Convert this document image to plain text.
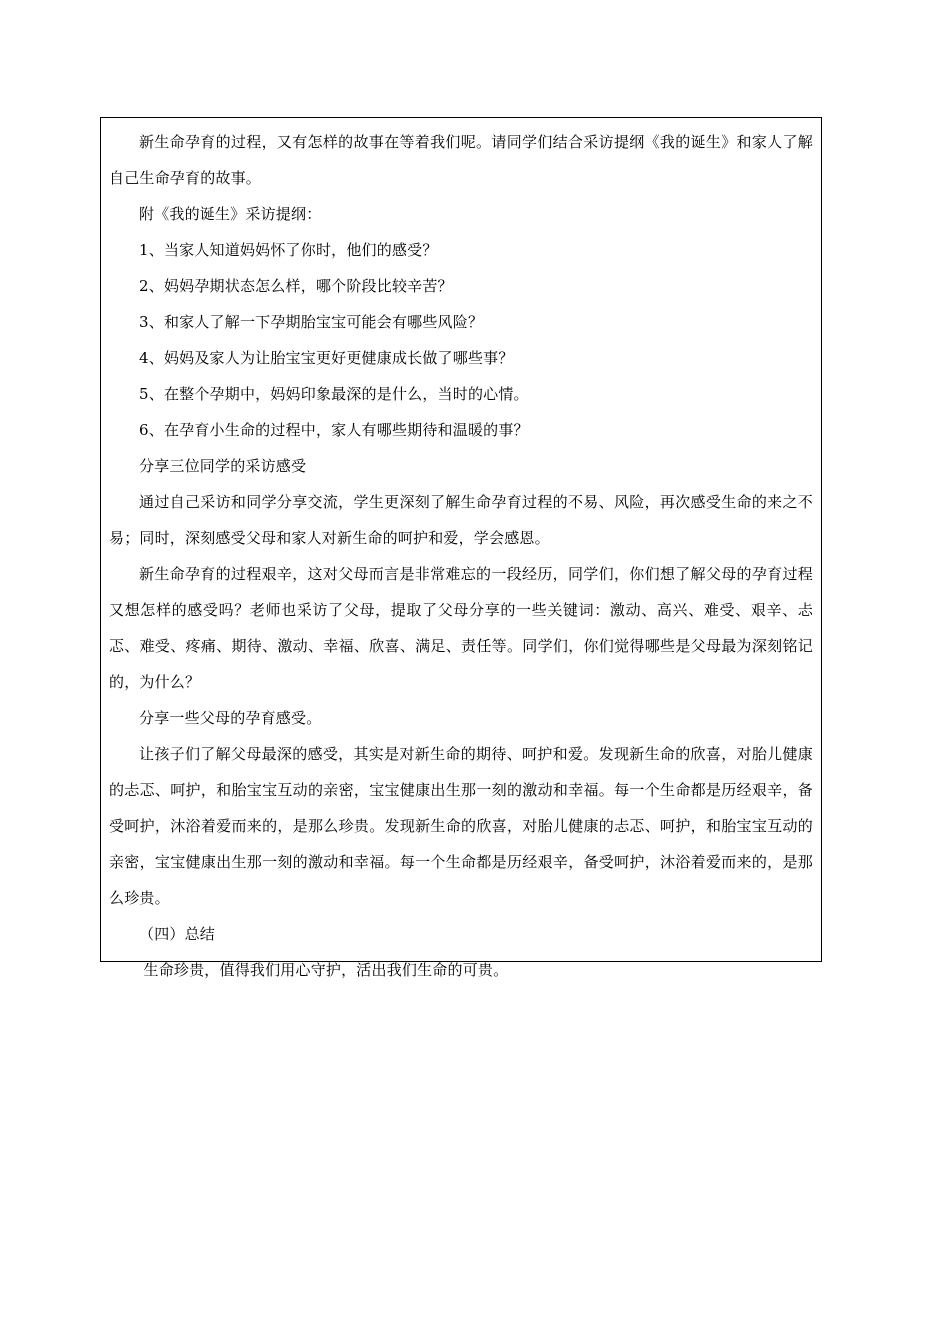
新生命孕育的过程，又有怎样的故事在等着我们呢。请同学们结合采访提纲《我的诞生》和家人了解自己生命孕育的故事。

附《我的诞生》采访提纲：

1、当家人知道妈妈怀了你时，他们的感受？

2、妈妈孕期状态怎么样，哪个阶段比较辛苦？

3、和家人了解一下孕期胎宝宝可能会有哪些风险？

4、妈妈及家人为让胎宝宝更好更健康成长做了哪些事？

5、在整个孕期中，妈妈印象最深的是什么，当时的心情。

6、在孕育小生命的过程中，家人有哪些期待和温暖的事？

分享三位同学的采访感受

通过自己采访和同学分享交流，学生更深刻了解生命孕育过程的不易、风险，再次感受生命的来之不易；同时，深刻感受父母和家人对新生命的呵护和爱，学会感恩。

新生命孕育的过程艰辛，这对父母而言是非常难忘的一段经历，同学们，你们想了解父母的孕育过程又想怎样的感受吗？老师也采访了父母，提取了父母分享的一些关键词：激动、高兴、难受、艰辛、忐忑、难受、疼痛、期待、激动、幸福、欣喜、满足、责任等。同学们，你们觉得哪些是父母最为深刻铭记的，为什么？

分享一些父母的孕育感受。

让孩子们了解父母最深的感受，其实是对新生命的期待、呵护和爱。发现新生命的欣喜，对胎儿健康的忐忑、呵护，和胎宝宝互动的亲密，宝宝健康出生那一刻的激动和幸福。每一个生命都是历经艰辛，备受呵护，沐浴着爱而来的，是那么珍贵。发现新生命的欣喜，对胎儿健康的忐忑、呵护，和胎宝宝互动的亲密，宝宝健康出生那一刻的激动和幸福。每一个生命都是历经艰辛，备受呵护，沐浴着爱而来的，是那么珍贵。

（四）总结

生命珍贵，值得我们用心守护，活出我们生命的可贵。
